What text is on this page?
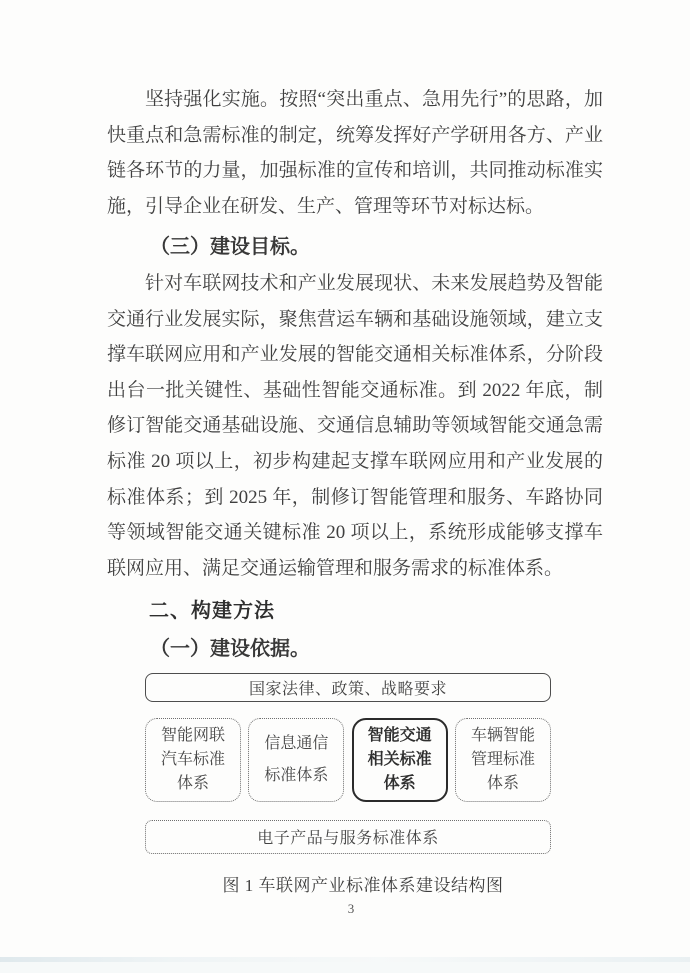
坚持强化实施。按照“突出重点、急用先行”的思路，加快重点和急需标准的制定，统筹发挥好产学研用各方、产业链各环节的力量，加强标准的宣传和培训，共同推动标准实施，引导企业在研发、生产、管理等环节对标达标。

（三）建设目标。

针对车联网技术和产业发展现状、未来发展趋势及智能交通行业发展实际，聚焦营运车辆和基础设施领域，建立支撑车联网应用和产业发展的智能交通相关标准体系，分阶段出台一批关键性、基础性智能交通标准。到 2022 年底，制修订智能交通基础设施、交通信息辅助等领域智能交通急需标准 20 项以上，初步构建起支撑车联网应用和产业发展的标准体系；到 2025 年，制修订智能管理和服务、车路协同等领域智能交通关键标准 20 项以上，系统形成能够支撑车联网应用、满足交通运输管理和服务需求的标准体系。

二、构建方法
（一）建设依据。
国家法律、政策、战略要求
智能网联
汽车标准
体系
信息通信
标准体系
智能交通
相关标准
体系
车辆智能
管理标准
体系
电子产品与服务标准体系
图 1 车联网产业标准体系建设结构图
3
